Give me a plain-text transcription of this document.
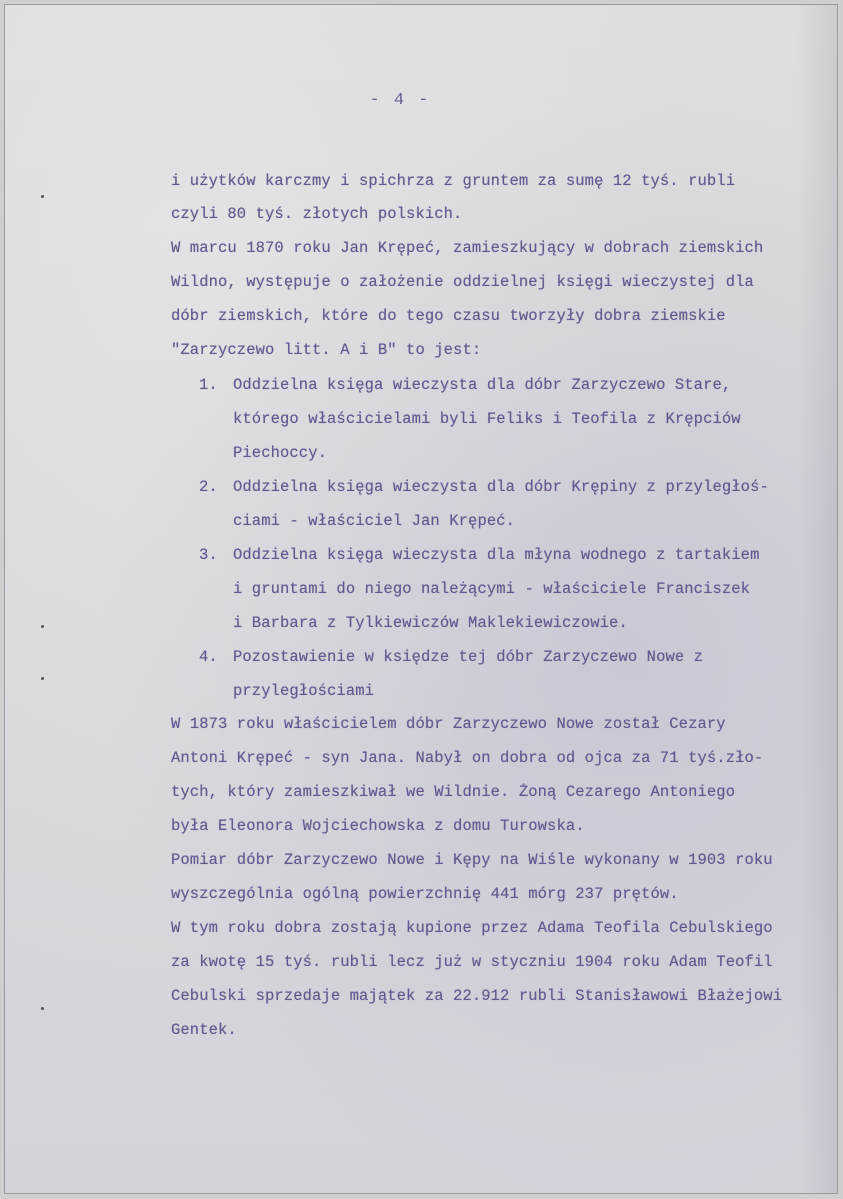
- 4 -
i użytków karczmy i spichrza z gruntem za sumę 12 tyś. rubli
czyli 80 tyś. złotych polskich.
W marcu 1870 roku Jan Krępeć, zamieszkujący w dobrach ziemskich
Wildno, występuje o założenie oddzielnej księgi wieczystej dla
dóbr ziemskich, które do tego czasu tworzyły dobra ziemskie
"Zarzyczewo litt. A i B" to jest:
1. Oddzielna księga wieczysta dla dóbr Zarzyczewo Stare,
którego właścicielami byli Feliks i Teofila z Krępciów
Piechoccy.
2. Oddzielna księga wieczysta dla dóbr Krępiny z przyległoś-
ciami - właściciel Jan Krępeć.
3. Oddzielna księga wieczysta dla młyna wodnego z tartakiem
i gruntami do niego należącymi - właściciele Franciszek
i Barbara z Tylkiewiczów Maklekiewiczowie.
4. Pozostawienie w księdze tej dóbr Zarzyczewo Nowe z
przyległościami
W 1873 roku właścicielem dóbr Zarzyczewo Nowe został Cezary
Antoni Krępeć - syn Jana. Nabył on dobra od ojca za 71 tyś.zło-
tych, który zamieszkiwał we Wildnie. Żoną Cezarego Antoniego
była Eleonora Wojciechowska z domu Turowska.
Pomiar dóbr Zarzyczewo Nowe i Kępy na Wiśle wykonany w 1903 roku
wyszczególnia ogólną powierzchnię 441 mórg 237 prętów.
W tym roku dobra zostają kupione przez Adama Teofila Cebulskiego
za kwotę 15 tyś. rubli lecz już w styczniu 1904 roku Adam Teofil
Cebulski sprzedaje majątek za 22.912 rubli Stanisławowi Błażejowi
Gentek.
